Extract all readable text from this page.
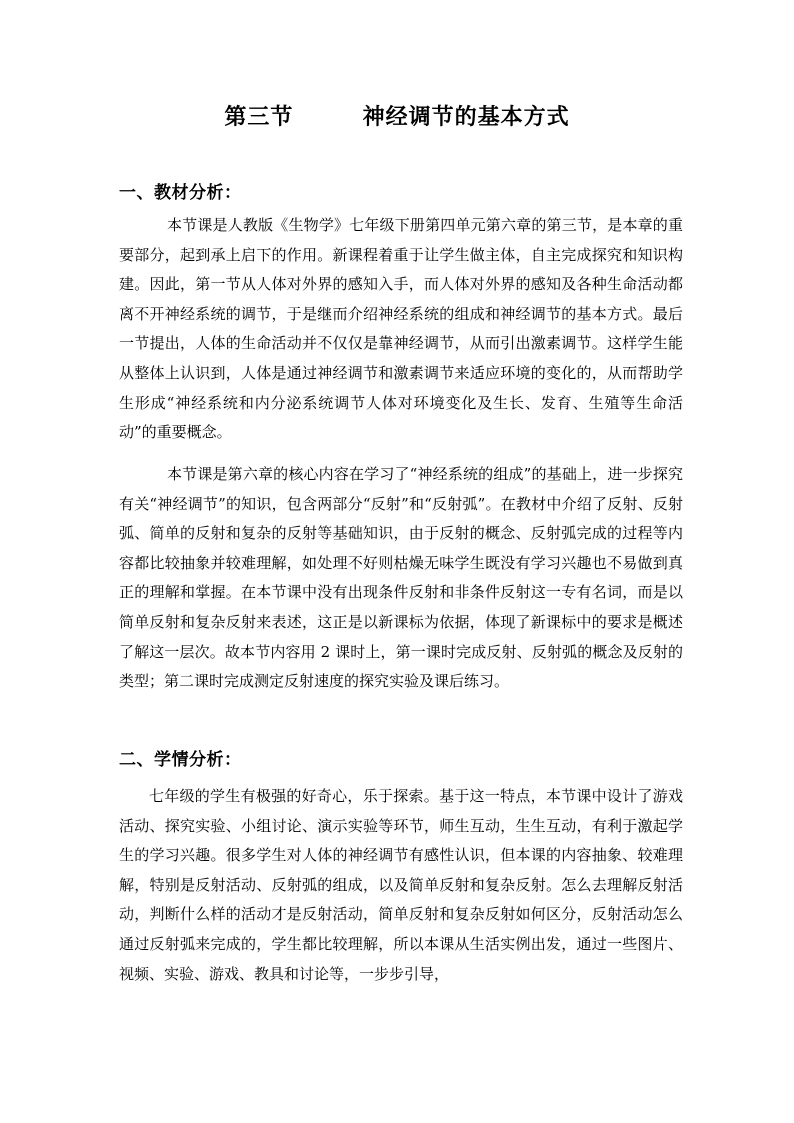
第三节        神经调节的基本方式
一、教材分析：
本节课是人教版《生物学》七年级下册第四单元第六章的第三节，是本章的重要部分，起到承上启下的作用。新课程着重于让学生做主体，自主完成探究和知识构建。因此，第一节从人体对外界的感知入手，而人体对外界的感知及各种生命活动都离不开神经系统的调节，于是继而介绍神经系统的组成和神经调节的基本方式。最后一节提出，人体的生命活动并不仅仅是靠神经调节，从而引出激素调节。这样学生能从整体上认识到，人体是通过神经调节和激素调节来适应环境的变化的，从而帮助学生形成“神经系统和内分泌系统调节人体对环境变化及生长、发育、生殖等生命活动”的重要概念。
本节课是第六章的核心内容在学习了“神经系统的组成”的基础上，进一步探究有关“神经调节”的知识，包含两部分“反射”和“反射弧”。在教材中介绍了反射、反射弧、简单的反射和复杂的反射等基础知识，由于反射的概念、反射弧完成的过程等内容都比较抽象并较难理解，如处理不好则枯燥无味学生既没有学习兴趣也不易做到真正的理解和掌握。在本节课中没有出现条件反射和非条件反射这一专有名词，而是以简单反射和复杂反射来表述，这正是以新课标为依据，体现了新课标中的要求是概述了解这一层次。故本节内容用 2 课时上，第一课时完成反射、反射弧的概念及反射的类型；第二课时完成测定反射速度的探究实验及课后练习。
二、学情分析：
七年级的学生有极强的好奇心，乐于探索。基于这一特点，本节课中设计了游戏活动、探究实验、小组讨论、演示实验等环节，师生互动，生生互动，有利于激起学生的学习兴趣。很多学生对人体的神经调节有感性认识，但本课的内容抽象、较难理解，特别是反射活动、反射弧的组成，以及简单反射和复杂反射。怎么去理解反射活动，判断什么样的活动才是反射活动，简单反射和复杂反射如何区分，反射活动怎么通过反射弧来完成的，学生都比较理解，所以本课从生活实例出发，通过一些图片、视频、实验、游戏、教具和讨论等，一步步引导，
